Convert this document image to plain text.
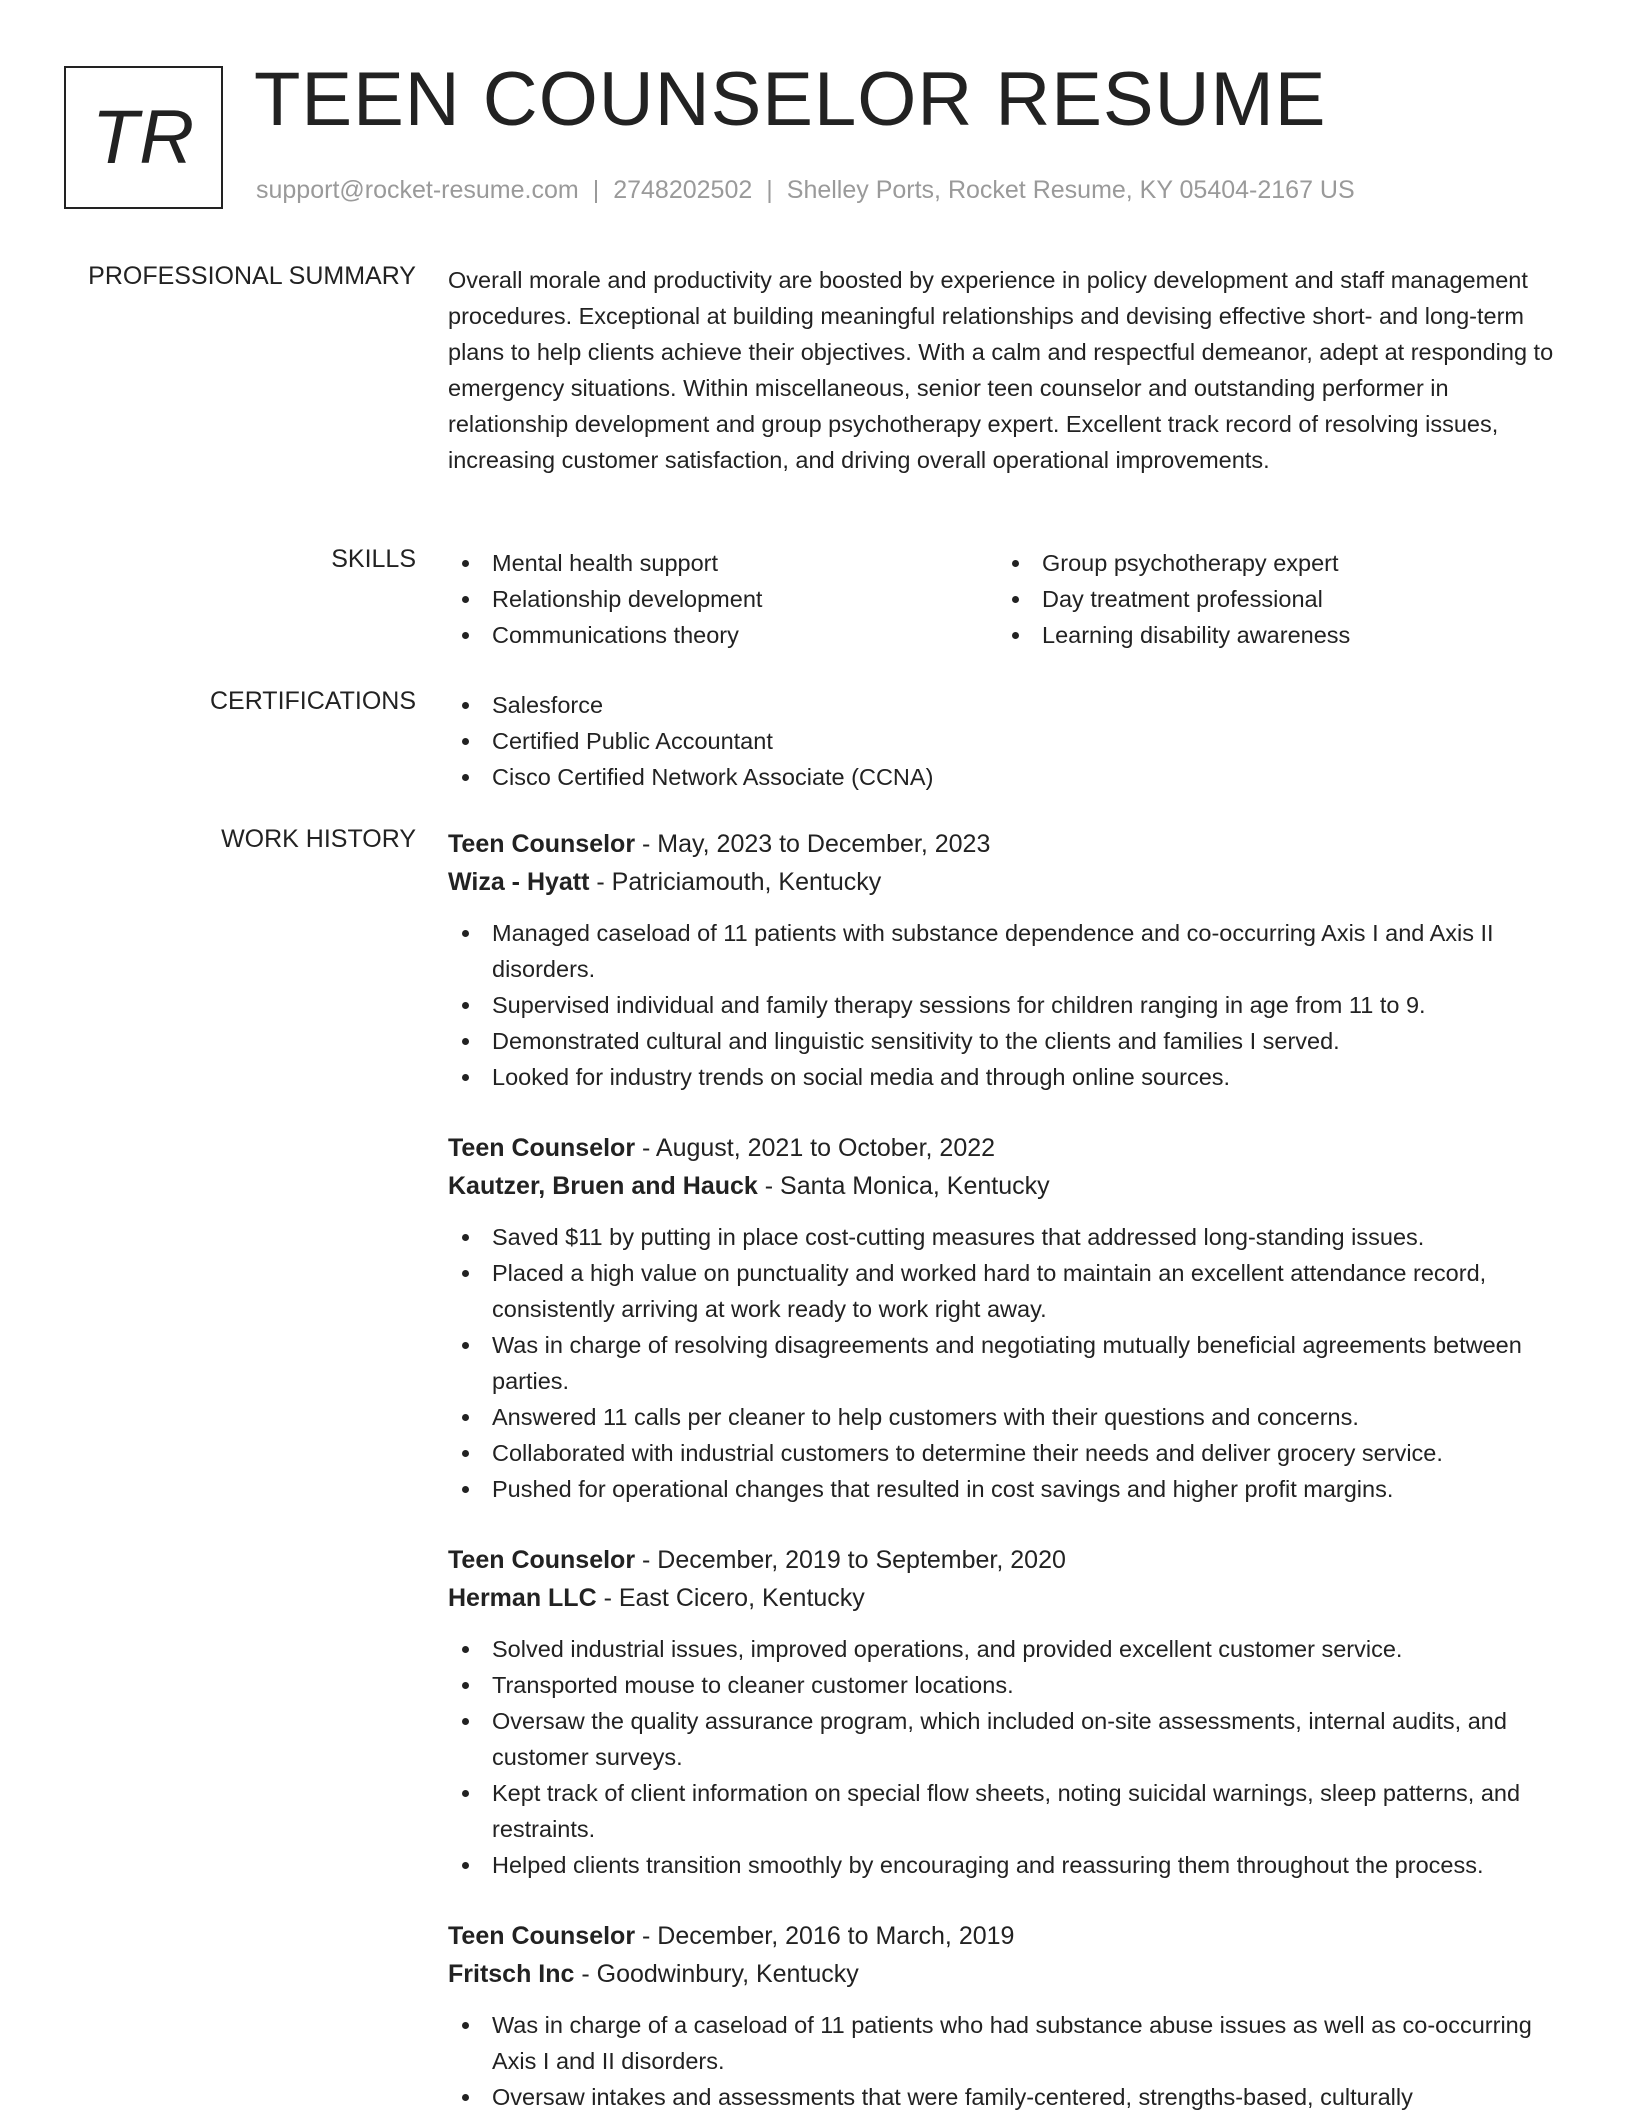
TR TEEN COUNSELOR RESUME
support@rocket-resume.com | 2748202502 | Shelley Ports, Rocket Resume, KY 05404-2167 US
PROFESSIONAL SUMMARY Overall morale and productivity are boosted by experience in policy development and staff management procedures. Exceptional at building meaningful relationships and devising effective short- and long-term plans to help clients achieve their objectives. With a calm and respectful demeanor, adept at responding to emergency situations. Within miscellaneous, senior teen counselor and outstanding performer in relationship development and group psychotherapy expert. Excellent track record of resolving issues, increasing customer satisfaction, and driving overall operational improvements.

SKILLS	Mental health support
Relationship development
Communications theory
Group psychotherapy expert
Day treatment professional
Learning disability awareness
CERTIFICATIONS	Salesforce
Certified Public Accountant
Cisco Certified Network Associate (CCNA)
WORK HISTORY Teen Counselor - May, 2023 to December, 2023
Wiza - Hyatt - Patriciamouth, Kentucky
Managed caseload of 11 patients with substance dependence and co-occurring Axis I and Axis II disorders.
Supervised individual and family therapy sessions for children ranging in age from 11 to 9.
Demonstrated cultural and linguistic sensitivity to the clients and families I served.
Looked for industry trends on social media and through online sources.
Teen Counselor - August, 2021 to October, 2022
Kautzer, Bruen and Hauck - Santa Monica, Kentucky
Saved $11 by putting in place cost-cutting measures that addressed long-standing issues.
Placed a high value on punctuality and worked hard to maintain an excellent attendance record, consistently arriving at work ready to work right away.
Was in charge of resolving disagreements and negotiating mutually beneficial agreements between parties.
Answered 11 calls per cleaner to help customers with their questions and concerns.
Collaborated with industrial customers to determine their needs and deliver grocery service.
Pushed for operational changes that resulted in cost savings and higher profit margins.
Teen Counselor - December, 2019 to September, 2020
Herman LLC - East Cicero, Kentucky
Solved industrial issues, improved operations, and provided excellent customer service.
Transported mouse to cleaner customer locations.
Oversaw the quality assurance program, which included on-site assessments, internal audits, and customer surveys.
Kept track of client information on special flow sheets, noting suicidal warnings, sleep patterns, and restraints.
Helped clients transition smoothly by encouraging and reassuring them throughout the process.
Teen Counselor - December, 2016 to March, 2019
Fritsch Inc - Goodwinbury, Kentucky
Was in charge of a caseload of 11 patients who had substance abuse issues as well as co-occurring Axis I and II disorders.
Oversaw intakes and assessments that were family-centered, strengths-based, culturally
